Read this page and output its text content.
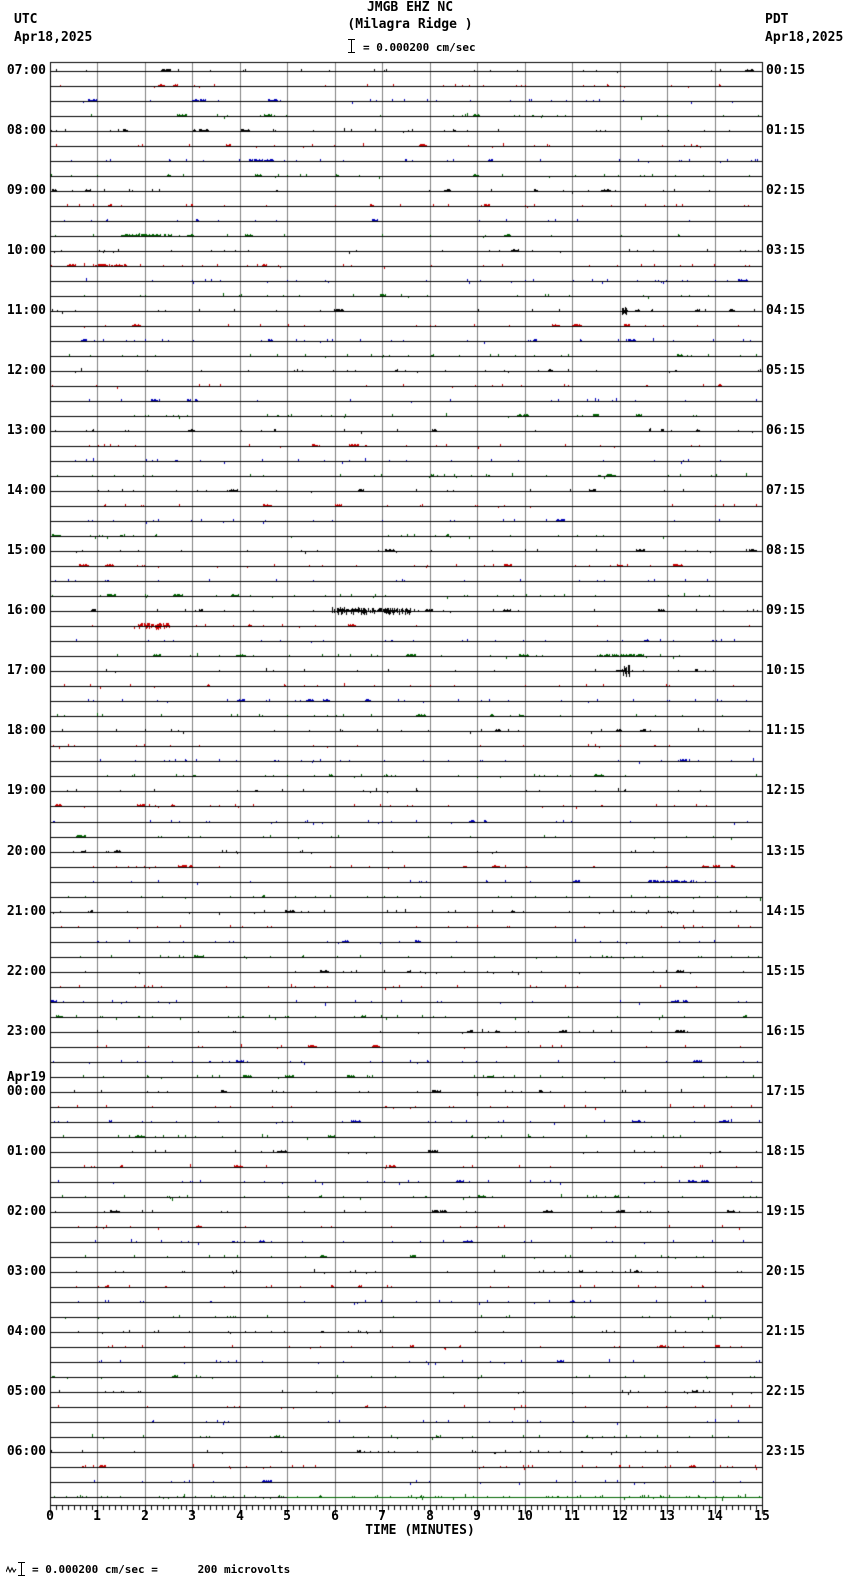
UTC
Apr18,2025
PDT
Apr18,2025
JMGB EHZ NC
(Milagra Ridge )
= 0.000200 cm/sec
07:00	00:15
08:00	01:15
09:00	02:15
10:00	03:15
11:00	04:15
12:00	05:15
13:00	06:15
14:00	07:15
15:00	08:15
16:00	09:15
17:00	10:15
18:00	11:15
19:00	12:15
20:00	13:15
21:00	14:15
22:00	15:15
23:00	16:15
00:00	17:15
Apr19
01:00	18:15
02:00	19:15
03:00	20:15
04:00	21:15
05:00	22:15
06:00	23:15
0	1	2	3	4	5	6	7	8	9	10	11	12	13	14	15
TIME (MINUTES)
= 0.000200 cm/sec =      200 microvolts
